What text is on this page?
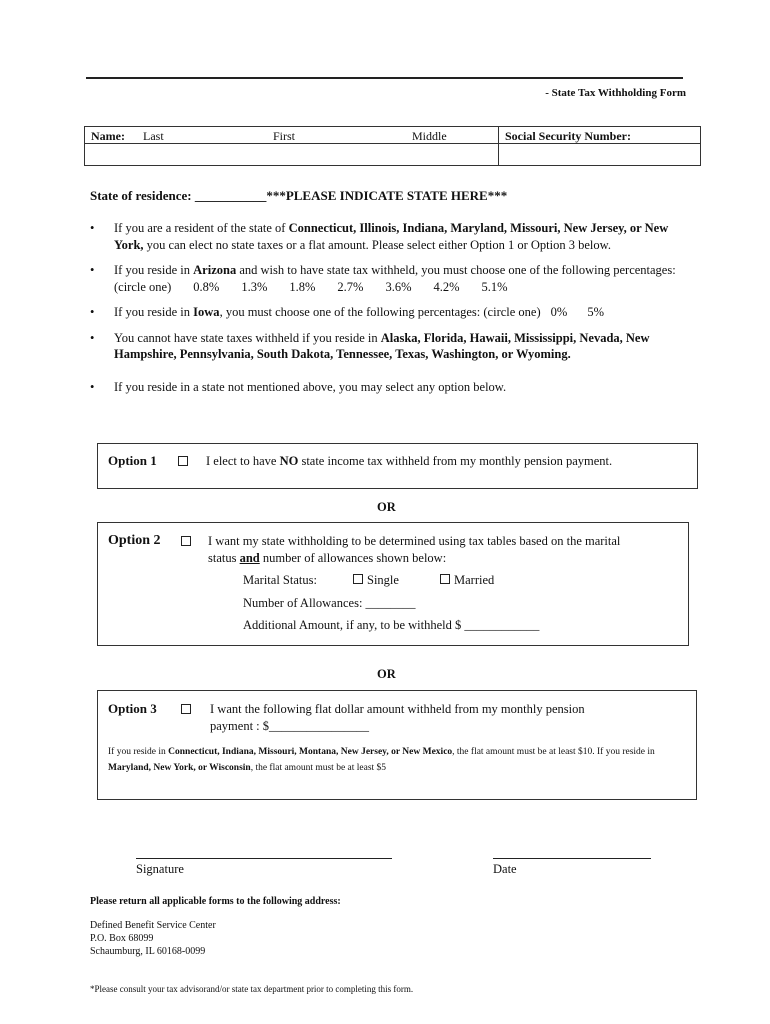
- State Tax Withholding Form
Name: Last	First	Middle	Social Security Number:
State of residence: ___________***PLEASE INDICATE STATE HERE***
• If you are a resident of the state of Connecticut, Illinois, Indiana, Maryland, Missouri, New Jersey, or New York, you can elect no state taxes or a flat amount. Please select either Option 1 or Option 3 below.
• If you reside in Arizona and wish to have state tax withheld, you must choose one of the following percentages: (circle one) 0.8% 1.3% 1.8% 2.7% 3.6% 4.2% 5.1%
• If you reside in Iowa, you must choose one of the following percentages: (circle one) 0% 5%
• You cannot have state taxes withheld if you reside in Alaska, Florida, Hawaii, Mississippi, Nevada, New Hampshire, Pennsylvania, South Dakota, Tennessee, Texas, Washington, or Wyoming.
• If you reside in a state not mentioned above, you may select any option below.
Option 1	I elect to have NO state income tax withheld from my monthly pension payment.
OR
Option 2	I want my state withholding to be determined using tax tables based on the marital status and number of allowances shown below:
Marital Status:	Single	Married
Number of Allowances: ________
Additional Amount, if any, to be withheld $ ____________
OR
Option 3	I want the following flat dollar amount withheld from my monthly pension payment : $________________
If you reside in Connecticut, Indiana, Missouri, Montana, New Jersey, or New Mexico, the flat amount must be at least $10. If you reside in Maryland, New York, or Wisconsin, the flat amount must be at least $5
Signature	Date
Please return all applicable forms to the following address:
Defined Benefit Service Center
P.O. Box 68099
Schaumburg, IL 60168-0099
*Please consult your tax advisorand/or state tax department prior to completing this form.
